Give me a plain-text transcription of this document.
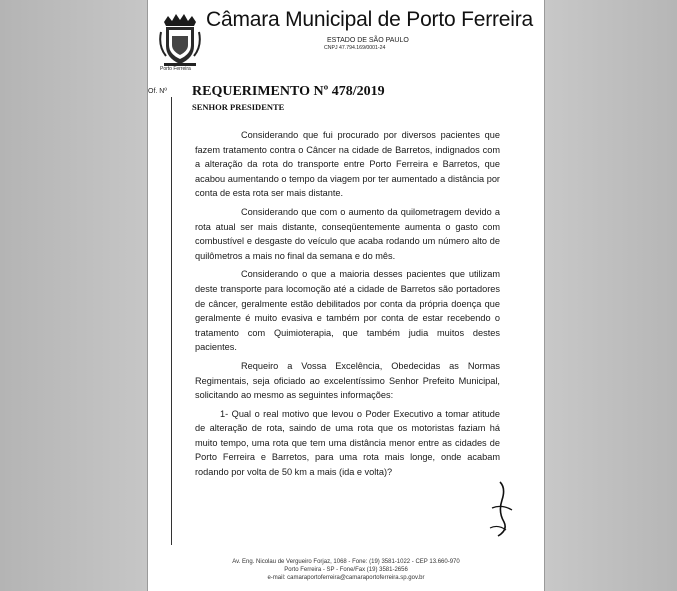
Porto Ferreira
Câmara Municipal de Porto Ferreira
ESTADO DE SÃO PAULO
CNPJ 47.794.169/0001-24
Of. Nº REQUERIMENTO Nº 478/2019
SENHOR PRESIDENTE

Considerando que fui procurado por diversos pacientes que fazem tratamento contra o Câncer na cidade de Barretos, indignados com a alteração da rota do transporte entre Porto Ferreira e Barretos, que acabou aumentando o tempo da viagem por ter aumentado a distância por conta de esta rota ser mais distante.

Considerando que com o aumento da quilometragem devido a rota atual ser mais distante, conseqüentemente aumenta o gasto com combustível e desgaste do veículo que acaba rodando um número alto de quilômetros a mais no final da semana e do mês.

Considerando o que a maioria desses pacientes que utilizam deste transporte para locomoção até a cidade de Barretos são portadores de câncer, geralmente estão debilitados por conta da própria doença que geralmente é muito evasiva e também por conta de estar recebendo o tratamento com Quimioterapia, que também judia muitos destes pacientes.

Requeiro a Vossa Excelência, Obedecidas as Normas Regimentais, seja oficiado ao excelentíssimo Senhor Prefeito Municipal, solicitando ao mesmo as seguintes informações:

1- Qual o real motivo que levou o Poder Executivo a tomar atitude de alteração de rota, saindo de uma rota que os motoristas faziam há muito tempo, uma rota que tem uma distância menor entre as cidades de Porto Ferreira e Barretos, para uma rota mais longe, onde acabam rodando por volta de 50 km a mais (ida e volta)?

Av. Eng. Nicolau de Vergueiro Forjaz, 1068 - Fone: (19) 3581-1022 - CEP 13.660-970
Porto Ferreira - SP - Fone/Fax (19) 3581-2656
e-mail: camaraportoferreira@camaraportoferreira.sp.gov.br
